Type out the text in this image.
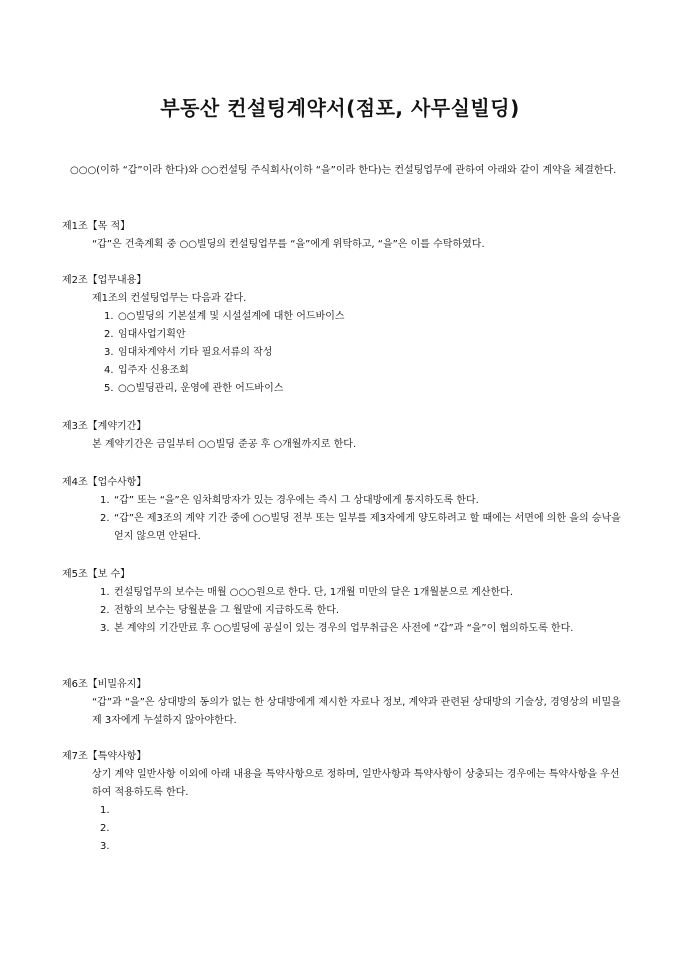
부동산 컨설팅계약서(점포, 사무실빌딩)
○○○(이하 “갑”이라 한다)와 ○○컨설팅 주식회사(이하 “을”이라 한다)는 컨설팅업무에 관하여 아래와 같이 계약을 체결한다.
제1조【목 적】
“갑”은 건축계획 중 ○○빌딩의 컨설팅업무를 “을”에게 위탁하고, “을”은 이를 수탁하였다.
제2조【업무내용】
제1조의 컨설팅업무는 다음과 같다.
1. ○○빌딩의 기본설계 및 시설설계에 대한 어드바이스
2. 임대사업기획안
3. 임대차계약서 기타 필요서류의 작성
4. 입주자 신용조회
5. ○○빌딩관리, 운영에 관한 어드바이스
제3조【계약기간】
본 계약기간은 금일부터 ○○빌딩 준공 후 ○개월까지로 한다.
제4조【업수사항】
1. “갑” 또는 “을”은 임차희망자가 있는 경우에는 즉시 그 상대방에게 통지하도록 한다.
2. “갑”은 제3조의 계약 기간 중에 ○○빌딩 전부 또는 일부를 제3자에게 양도하려고 할 때에는 서면에 의한 을의 승낙을 얻지 않으면 안된다.
제5조【보 수】
1. 컨설팅업무의 보수는 매월 ○○○원으로 한다. 단, 1개월 미만의 달은 1개월분으로 계산한다.
2. 전항의 보수는 당월분을 그 월말에 지급하도록 한다.
3. 본 계약의 기간만료 후 ○○빌딩에 공실이 있는 경우의 업무취급은 사전에 “갑”과 “을”이 협의하도록 한다.
제6조【비밀유지】
“갑”과 “을”은 상대방의 동의가 없는 한 상대방에게 제시한 자료나 정보, 계약과 관련된 상대방의 기술상, 경영상의 비밀을 제 3자에게 누설하지 않아야한다.
제7조【특약사항】
상기 계약 일반사항 이외에 아래 내용을 특약사항으로 정하며, 일반사항과 특약사항이 상충되는 경우에는 특약사항을 우선하여 적용하도록 한다.
1.

2.

3.
